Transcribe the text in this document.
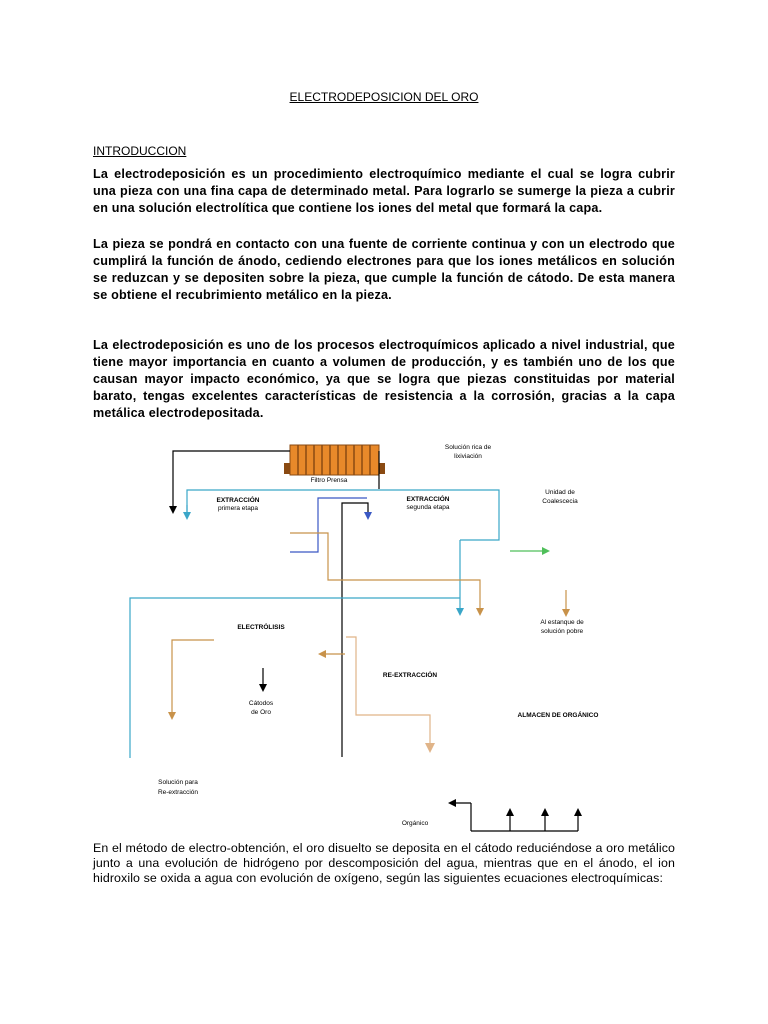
ELECTRODEPOSICION DEL ORO
INTRODUCCION
La electrodeposición es un procedimiento electroquímico mediante el cual se logra cubrir una pieza con una fina capa de determinado metal. Para lograrlo se sumerge la pieza a cubrir en una solución electrolítica que contiene los iones del metal que formará la capa.
La pieza se pondrá en contacto con una fuente de corriente continua y con un electrodo que cumplirá la función de ánodo, cediendo electrones para que los iones metálicos en solución se reduzcan y se depositen sobre la pieza, que cumple la función de cátodo. De esta manera se obtiene el recubrimiento metálico en la pieza.
La electrodeposición es uno de los procesos electroquímicos aplicado a nivel industrial, que tiene mayor importancia en cuanto a volumen de producción, y es también uno de los que causan mayor impacto económico, ya que se logra que piezas constituidas por material barato, tengas excelentes características de resistencia a la corrosión, gracias a la capa metálica electrodepositada.
Solución rica de
lixiviación
Filtro Prensa
EXTRACCIÓN
primera etapa
EXTRACCIÓN
segunda etapa
Unidad de
Coalescecia
ELECTRÓLISIS
Al estanque de
solución pobre
RE-EXTRACCIÓN
Cátodos
de Oro	ALMACEN DE ORGÁNICO
Solución para
Re-extracción
Orgánico
En el método de electro-obtención, el oro disuelto se deposita en el cátodo reduciéndose a oro metálico junto a una evolución de hidrógeno por descomposición del agua, mientras que en el ánodo, el ion hidroxilo se oxida a agua con evolución de oxígeno, según las siguientes ecuaciones electroquímicas:
